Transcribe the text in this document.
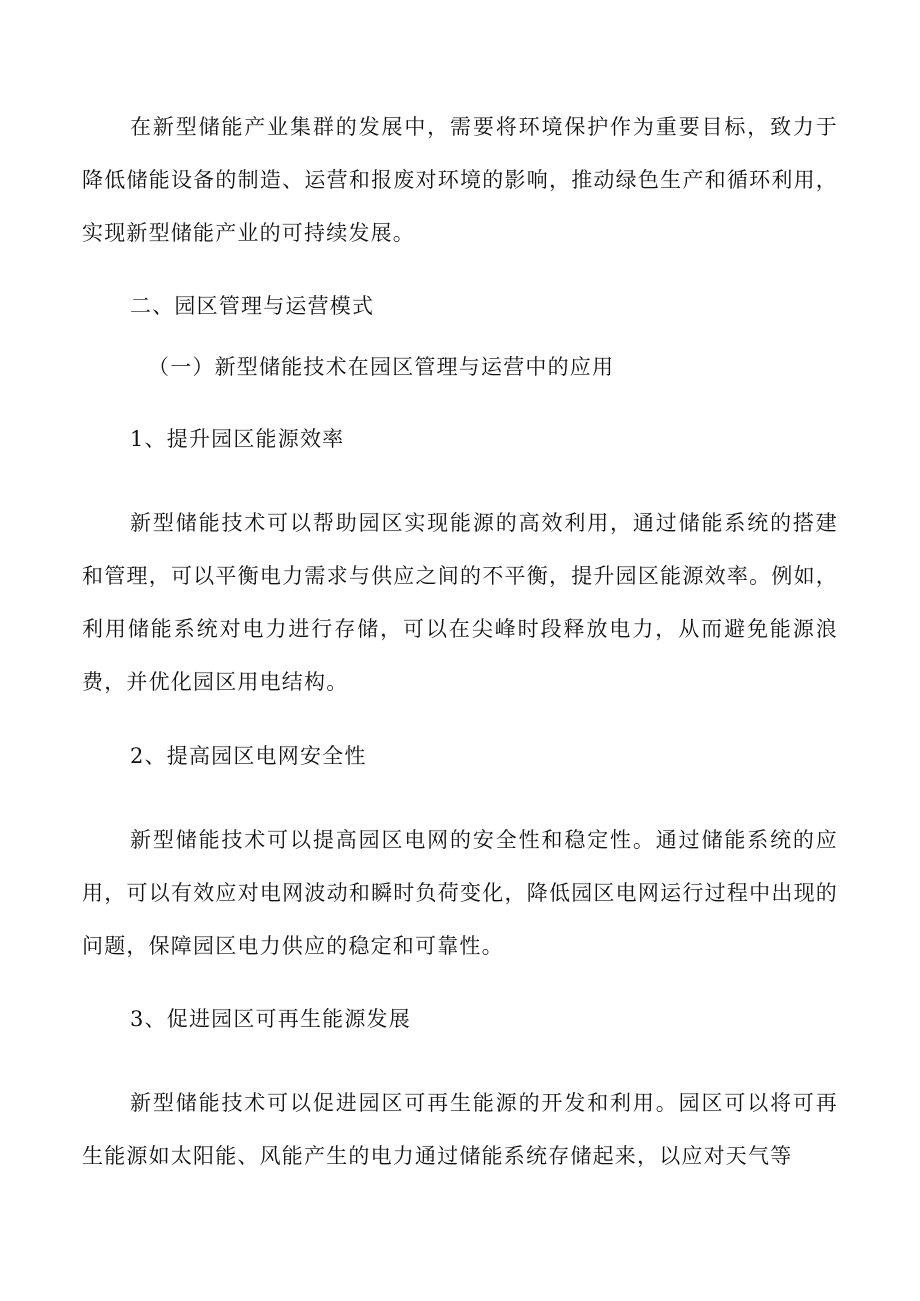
在新型储能产业集群的发展中，需要将环境保护作为重要目标，致力于降低储能设备的制造、运营和报废对环境的影响，推动绿色生产和循环利用，实现新型储能产业的可持续发展。

二、园区管理与运营模式
（一）新型储能技术在园区管理与运营中的应用
1、提升园区能源效率

新型储能技术可以帮助园区实现能源的高效利用，通过储能系统的搭建和管理，可以平衡电力需求与供应之间的不平衡，提升园区能源效率。例如，利用储能系统对电力进行存储，可以在尖峰时段释放电力，从而避免能源浪费，并优化园区用电结构。

2、提高园区电网安全性

新型储能技术可以提高园区电网的安全性和稳定性。通过储能系统的应用，可以有效应对电网波动和瞬时负荷变化，降低园区电网运行过程中出现的问题，保障园区电力供应的稳定和可靠性。

3、促进园区可再生能源发展

新型储能技术可以促进园区可再生能源的开发和利用。园区可以将可再生能源如太阳能、风能产生的电力通过储能系统存储起来，以应对天气等
